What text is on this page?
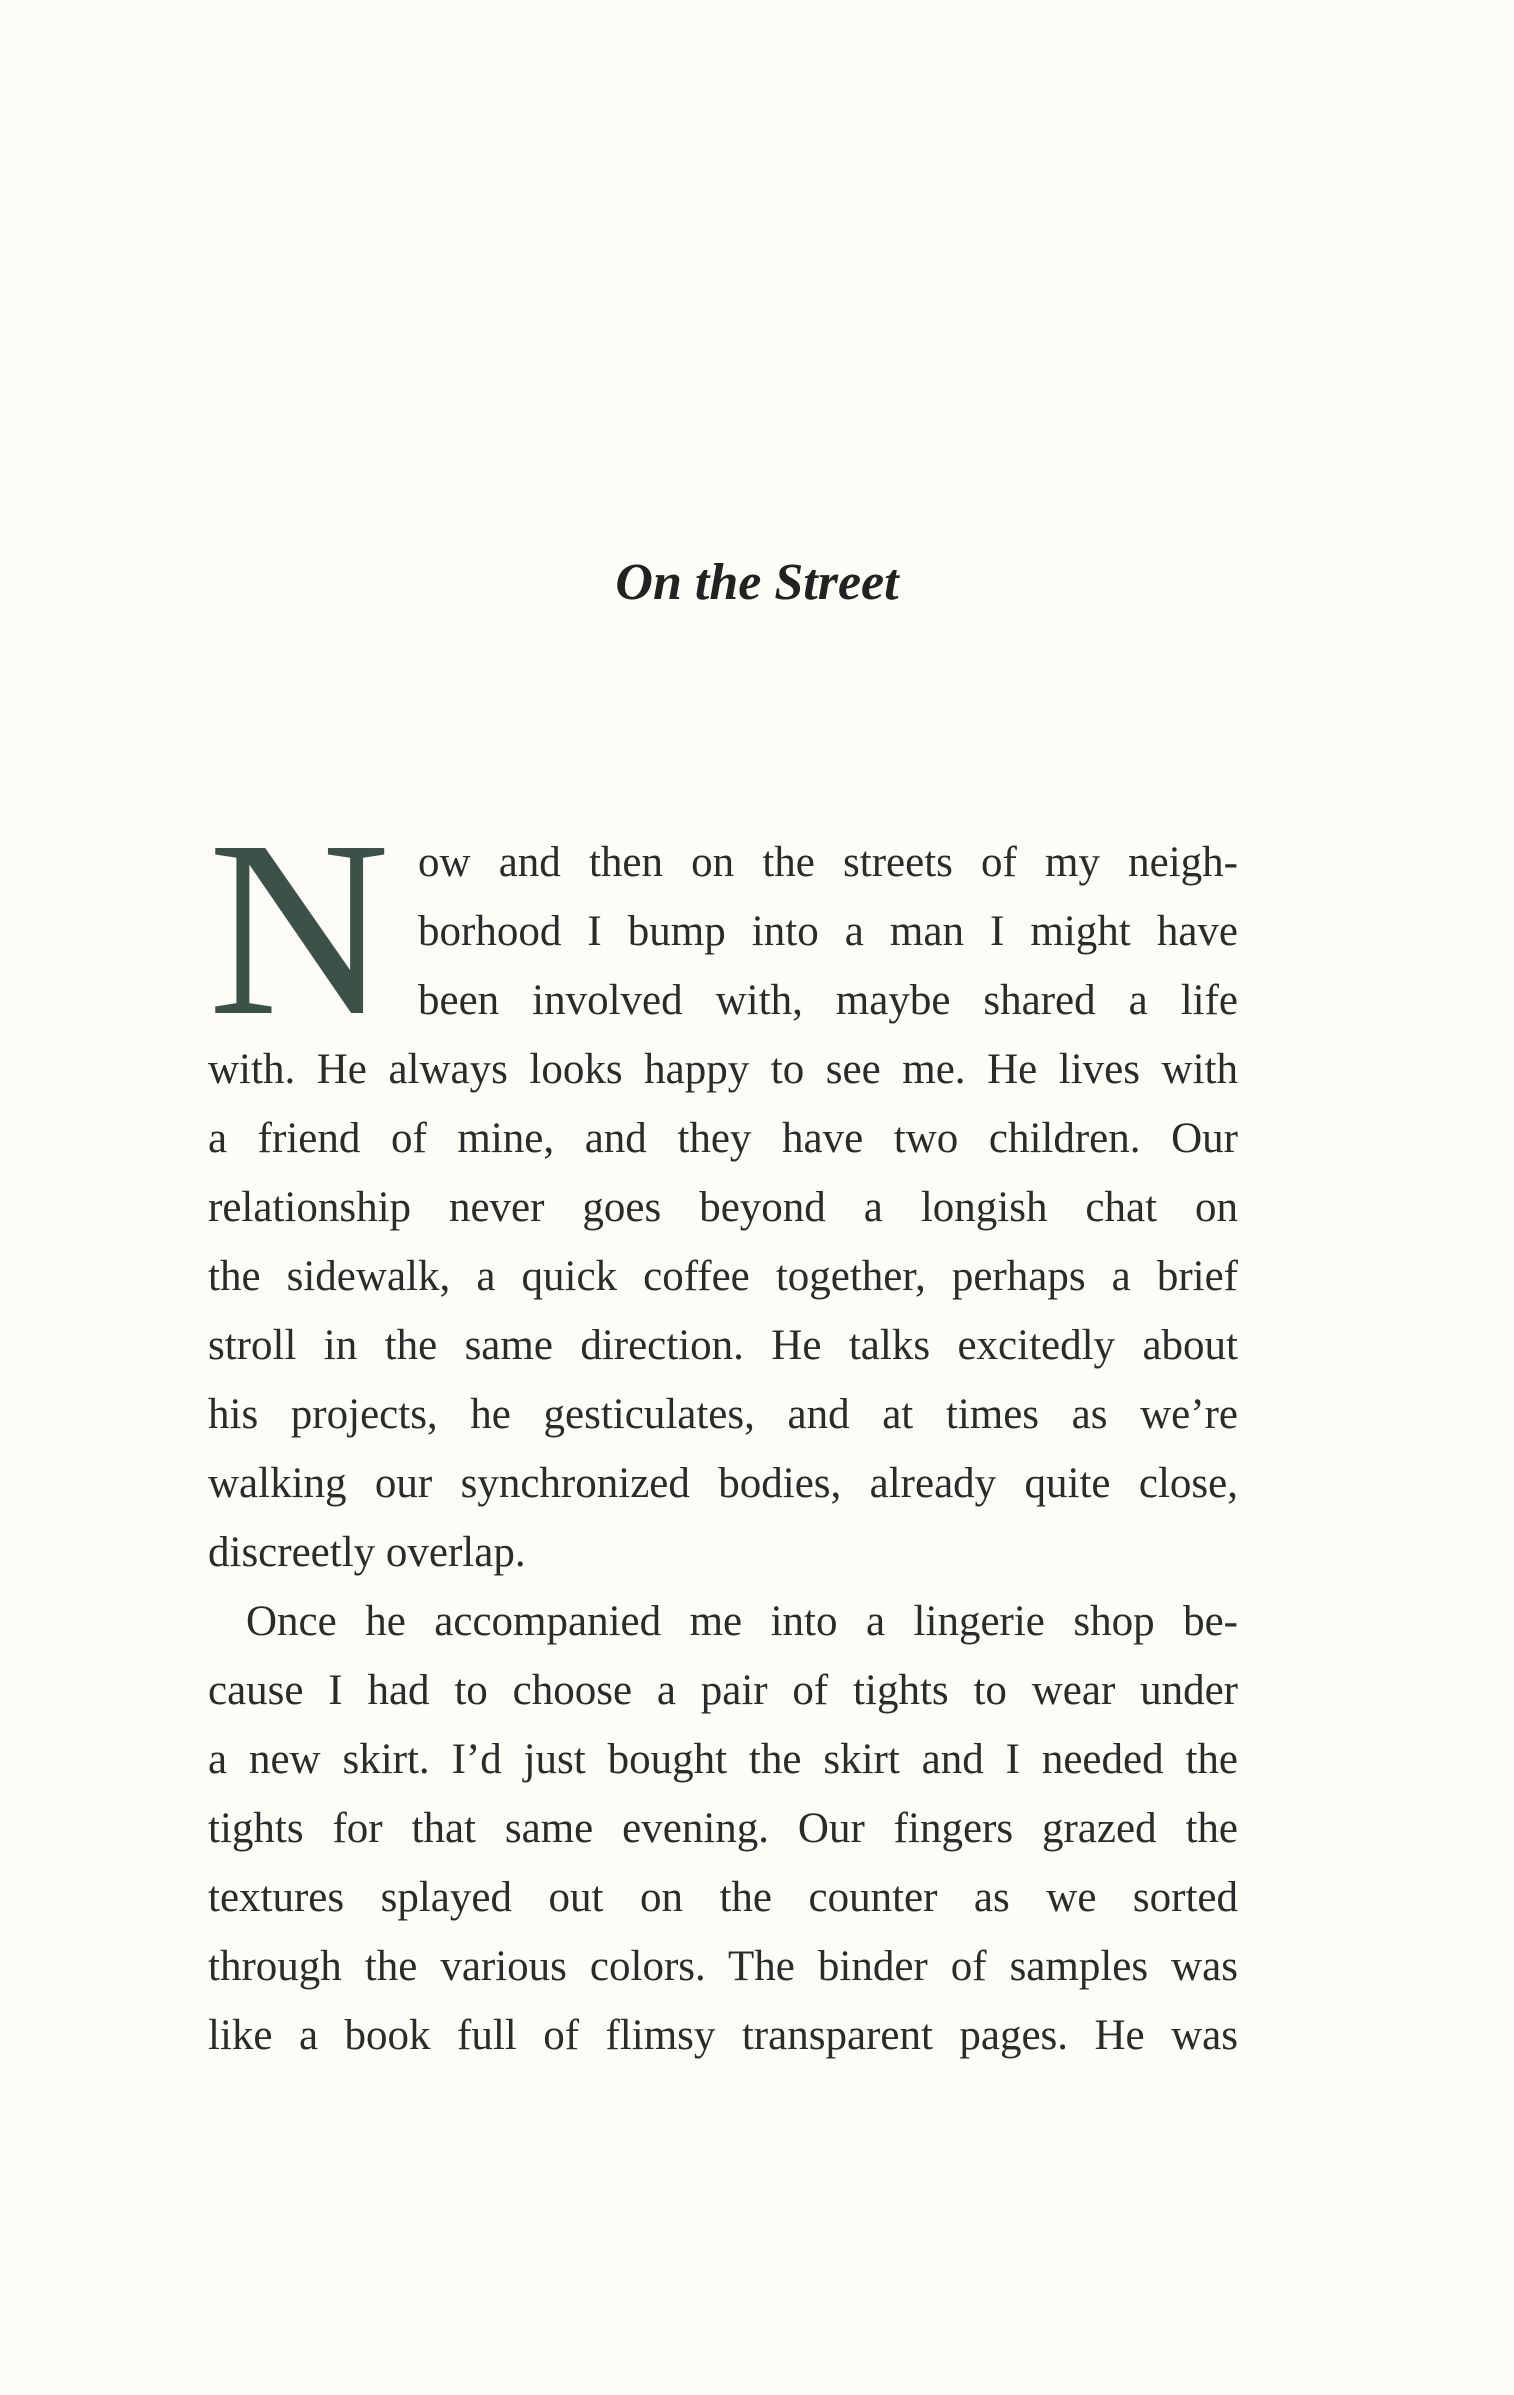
On the Street
N ow and then on the streets of my neigh-
borhood I bump into a man I might have
been involved with, maybe shared a life
with. He always looks happy to see me. He lives with
a friend of mine, and they have two children. Our
relationship never goes beyond a longish chat on
the sidewalk, a quick coffee together, perhaps a brief
stroll in the same direction. He talks excitedly about
his projects, he gesticulates, and at times as we’re
walking our synchronized bodies, already quite close,
discreetly overlap.
Once he accompanied me into a lingerie shop be-
cause I had to choose a pair of tights to wear under
a new skirt. I’d just bought the skirt and I needed the
tights for that same evening. Our fingers grazed the
textures splayed out on the counter as we sorted
through the various colors. The binder of samples was
like a book full of flimsy transparent pages. He was
